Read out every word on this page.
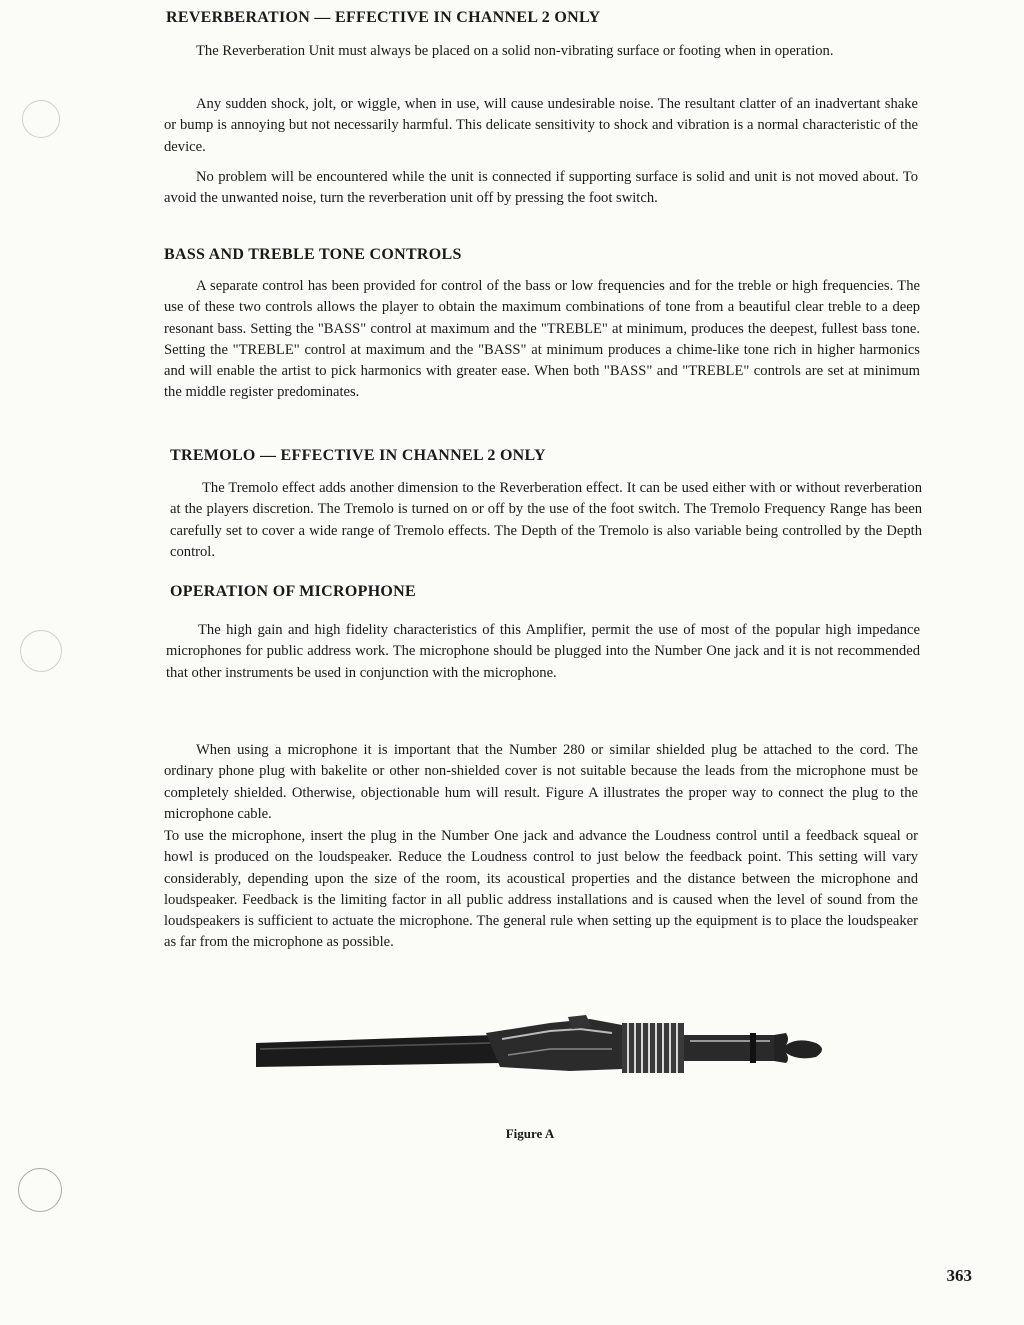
REVERBERATION — EFFECTIVE IN CHANNEL 2 ONLY

The Reverberation Unit must always be placed on a solid non-vibrating surface or footing when in operation.

Any sudden shock, jolt, or wiggle, when in use, will cause undesirable noise. The resultant clatter of an inadvertant shake or bump is annoying but not necessarily harmful. This delicate sensitivity to shock and vibration is a normal characteristic of the device.

No problem will be encountered while the unit is connected if supporting surface is solid and unit is not moved about. To avoid the unwanted noise, turn the reverberation unit off by pressing the foot switch.

BASS AND TREBLE TONE CONTROLS

A separate control has been provided for control of the bass or low frequencies and for the treble or high frequencies. The use of these two controls allows the player to obtain the maximum combinations of tone from a beautiful clear treble to a deep resonant bass. Setting the "BASS" control at maximum and the "TREBLE" at minimum, produces the deepest, fullest bass tone. Setting the "TREBLE" control at maximum and the "BASS" at minimum produces a chime-like tone rich in higher harmonics and will enable the artist to pick harmonics with greater ease. When both "BASS" and "TREBLE" controls are set at minimum the middle register predominates.

TREMOLO — EFFECTIVE IN CHANNEL 2 ONLY

The Tremolo effect adds another dimension to the Reverberation effect. It can be used either with or without reverberation at the players discretion. The Tremolo is turned on or off by the use of the foot switch. The Tremolo Frequency Range has been carefully set to cover a wide range of Tremolo effects. The Depth of the Tremolo is also variable being controlled by the Depth control.

OPERATION OF MICROPHONE

The high gain and high fidelity characteristics of this Amplifier, permit the use of most of the popular high impedance microphones for public address work. The microphone should be plugged into the Number One jack and it is not recommended that other instruments be used in conjunction with the microphone.

When using a microphone it is important that the Number 280 or similar shielded plug be attached to the cord. The ordinary phone plug with bakelite or other non-shielded cover is not suitable because the leads from the microphone must be completely shielded. Otherwise, objectionable hum will result. Figure A illustrates the proper way to connect the plug to the microphone cable.

To use the microphone, insert the plug in the Number One jack and advance the Loudness control until a feedback squeal or howl is produced on the loudspeaker. Reduce the Loudness control to just below the feedback point. This setting will vary considerably, depending upon the size of the room, its acoustical properties and the distance between the microphone and loudspeaker. Feedback is the limiting factor in all public address installations and is caused when the level of sound from the loudspeakers is sufficient to actuate the microphone. The general rule when setting up the equipment is to place the loudspeaker as far from the microphone as possible.

Figure A
363
